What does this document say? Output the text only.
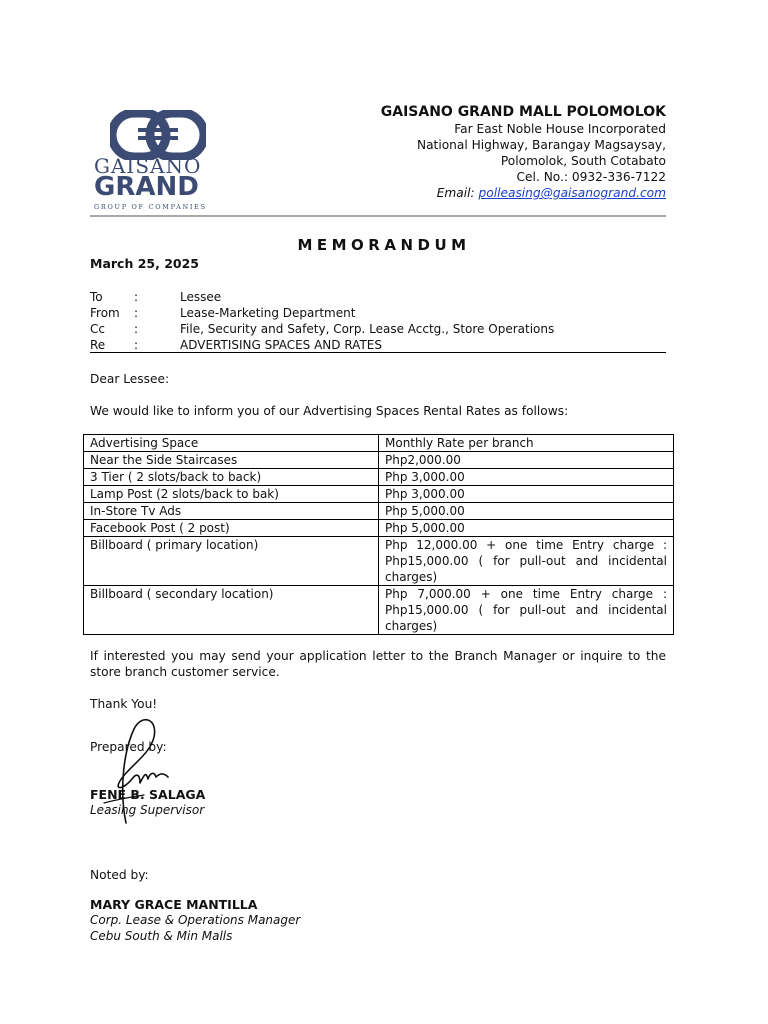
GAISANO
GRAND
GROUP OF COMPANIES
GAISANO GRAND MALL POLOMOLOK
Far East Noble House Incorporated
National Highway, Barangay Magsaysay,
Polomolok, South Cotabato
Cel. No.: 0932-336-7122
Email: polleasing@gaisanogrand.com
MEMORANDUM
March 25, 2025
To	:	Lessee
From :	Lease-Marketing Department
Cc :	File, Security and Safety, Corp. Lease Acctg., Store Operations
Re :	ADVERTISING SPACES AND RATES
Dear Lessee:
We would like to inform you of our Advertising Spaces Rental Rates as follows:
Advertising Space	Monthly Rate per branch
Near the Side Staircases	Php2,000.00
3 Tier ( 2 slots/back to back)	Php 3,000.00
Lamp Post (2 slots/back to bak)	Php 3,000.00
In-Store Tv Ads	Php 5,000.00
Facebook Post ( 2 post)	Php 5,000.00
Billboard ( primary location)	Php 12,000.00 + one time Entry charge : Php15,000.00 ( for pull-out and incidental charges)
Billboard ( secondary location)	Php 7,000.00 + one time Entry charge : Php15,000.00 ( for pull-out and incidental charges)
If interested you may send your application letter to the Branch Manager or inquire to the store branch customer service.
Thank You!
Prepared by:
FENE B. SALAGA
Leasing Supervisor
Noted by:
MARY GRACE MANTILLA
Corp. Lease & Operations Manager
Cebu South & Min Malls
